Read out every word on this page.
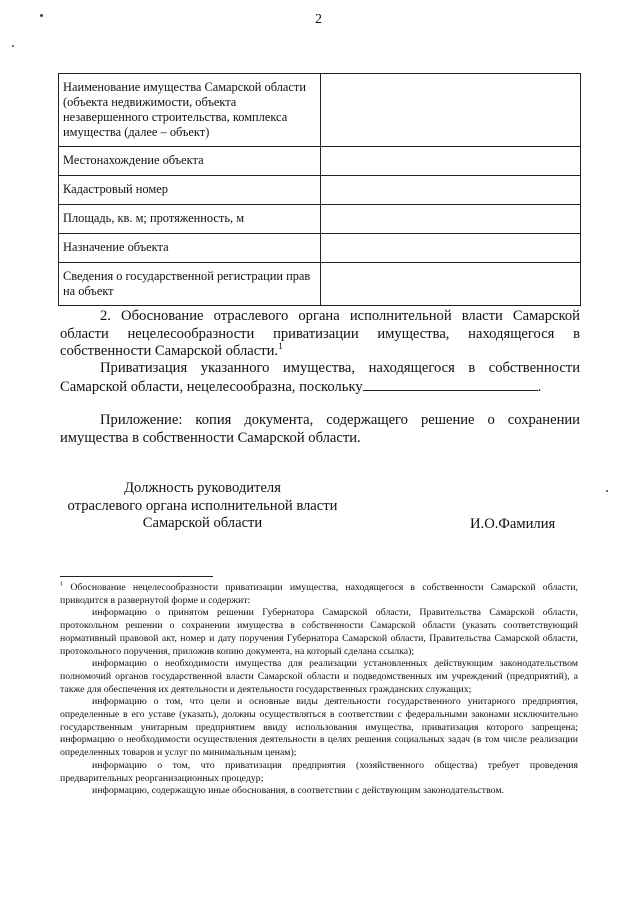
2
Наименование имущества Самарской области (объекта недвижимости, объекта незавершенного строительства, комплекса имущества (далее – объект)	
Местонахождение объекта	
Кадастровый номер	
Площадь, кв. м; протяженность, м	
Назначение объекта	
Сведения о государственной регистрации прав на объект	
2. Обоснование отраслевого органа исполнительной власти Самарской области нецелесообразности приватизации имущества, находящегося в собственности Самарской области.$^1$
Приватизация указанного имущества, находящегося в собственности Самарской области, нецелесообразна, поскольку	.
Приложение: копия документа, содержащего решение о сохранении имущества в собственности Самарской области.
Должность руководителя
отраслевого органа исполнительной власти
Самарской области	И.О.Фамилия

$^1$ Обоснование нецелесообразности приватизации имущества, находящегося в собственности Самарской области, приводится в развернутой форме и содержит:

информацию о принятом решении Губернатора Самарской области, Правительства Самарской области, протокольном решении о сохранении имущества в собственности Самарской области (указать соответствующий нормативный правовой акт, номер и дату поручения Губернатора Самарской области, Правительства Самарской области, протокольного поручения, приложив копию документа, на который сделана ссылка);

информацию о необходимости имущества для реализации установленных действующим законодательством полномочий органов государственной власти Самарской области и подведомственных им учреждений (предприятий), а также для обеспечения их деятельности и деятельности государственных гражданских служащих;

информацию о том, что цели и основные виды деятельности государственного унитарного предприятия, определенные в его уставе (указать), должны осуществляться в соответствии с федеральными законами исключительно государственным унитарным предприятием ввиду использования имущества, приватизация которого запрещена; информацию о необходимости осуществления деятельности в целях решения социальных задач (в том числе реализации определенных товаров и услуг по минимальным ценам);

информацию о том, что приватизация предприятия (хозяйственного общества) требует проведения предварительных реорганизационных процедур;

информацию, содержащую иные обоснования, в соответствии с действующим законодательством.
